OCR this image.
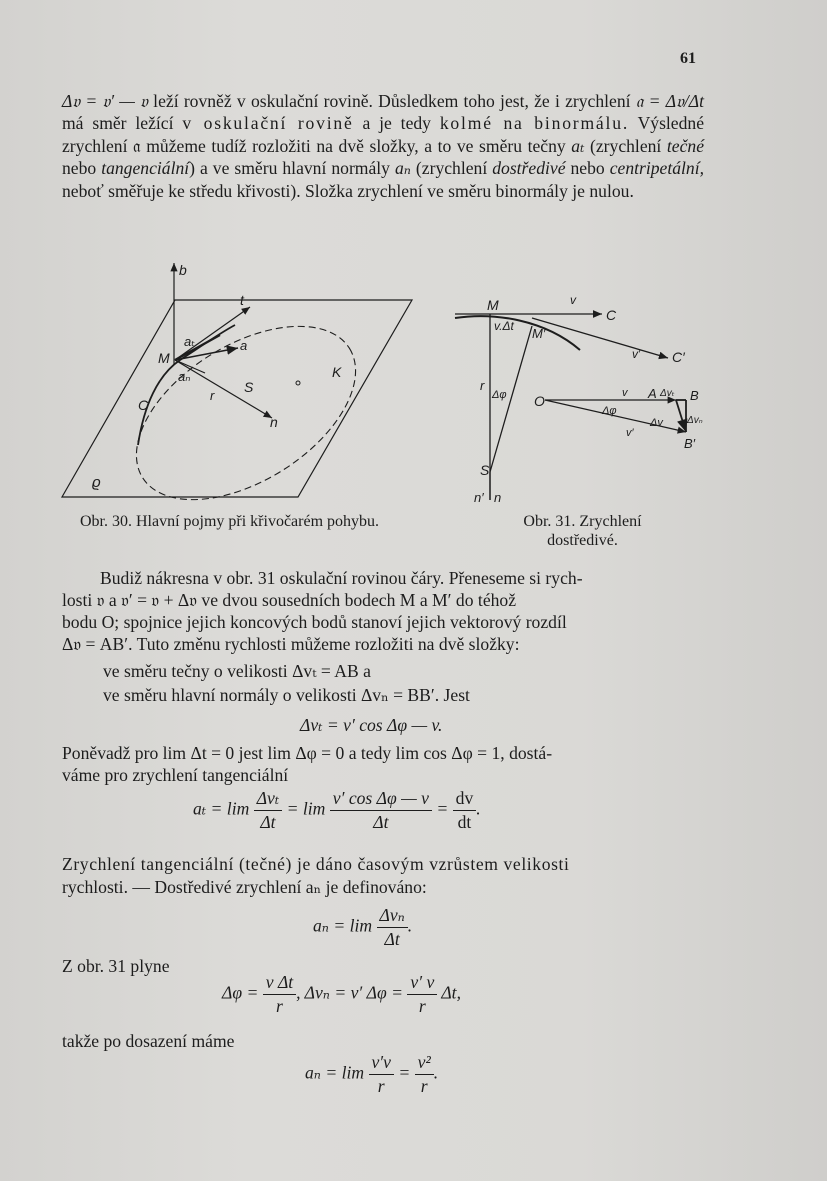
61

Δ𝔳 = 𝔳′ — 𝔳 leží rovněž v oskulační rovině. Důsledkem toho jest, že i zrychlení 𝔞 = Δ𝔳/Δt má směr ležící v oskulační rovině a je tedy kolmé na binormálu. Výsledné zrychlení 𝔞 můžeme tudíž rozložiti na dvě složky, a to ve směru tečny aₜ (zrychlení tečné nebo tangenciální) a ve směru hlavní normály aₙ (zrychlení dostředivé nebo centripetální, neboť směřuje ke středu křivosti). Složka zrychlení ve směru binormály je nulou.

b
t
aₜ	a
M
aₙ
S
r
K
C
n
ϱ
Obr. 30. Hlavní pojmy při křivočarém pohybu.
M	v
C
v.Δt M′
v′ C′
r
Δφ O	v A Δvₜ B
Δφ
Δv Δvₙ
v′
B′
S
n′ n
Obr. 31. Zrychlení dostředivé.

Budiž nákresna v obr. 31 oskulační rovinou čáry. Přeneseme si rych-

losti 𝔳 a 𝔳′ = 𝔳 + Δ𝔳 ve dvou sousedních bodech M a M′ do téhož

bodu O; spojnice jejich koncových bodů stanoví jejich vektorový rozdíl

Δ𝔳 = AB′. Tuto změnu rychlosti můžeme rozložiti na dvě složky:

ve směru tečny o velikosti Δvₜ = AB a

ve směru hlavní normály o velikosti Δvₙ = BB′. Jest

Δvₜ = v′ cos Δφ — v.

Poněvadž pro lim Δt = 0 jest lim Δφ = 0 a tedy lim cos Δφ = 1, dostá-

váme pro zrychlení tangenciální

$a_t = \lim \frac{\text{Δvₜ}}{\Delta t} = \lim \frac{\text{v′ cos Δφ — v}}{\Delta t} = \frac{dv}{dt}$ .

Zrychlení tangenciální (tečné) je dáno časovým vzrůstem velikosti

rychlosti. — Dostředivé zrychlení aₙ je definováno:

$a_n = \lim \frac{\text{Δvₙ}}{\Delta t}$ .

Z obr. 31 plyne

$\Delta\varphi = \frac{\text{v Δt}}{r}$ , Δvₙ = v′ $\Delta\varphi = \frac{v' v}{r} \Delta t$,

takže po dosazení máme

$a_n = \lim \frac{v'v}{r} = \frac{\text{v²}}{r}$ .
